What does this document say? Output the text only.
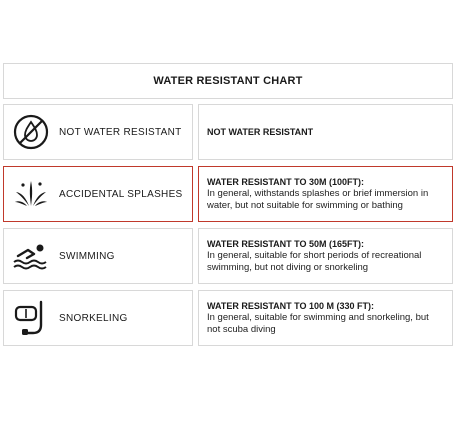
WATER RESISTANT CHART
NOT WATER RESISTANT	NOT WATER RESISTANT
ACCIDENTAL SPLASHES
WATER RESISTANT TO 30M (100FT):
In general, withstands splashes or brief immersion in water, but not suitable for swimming or bathing
SWIMMING
WATER RESISTANT TO 50M (165FT):
In general, suitable for short periods of recreational swimming, but not diving or snorkeling
SNORKELING
WATER RESISTANT TO 100 M (330 FT):
In general, suitable for swimming and snorkeling, but not scuba diving
